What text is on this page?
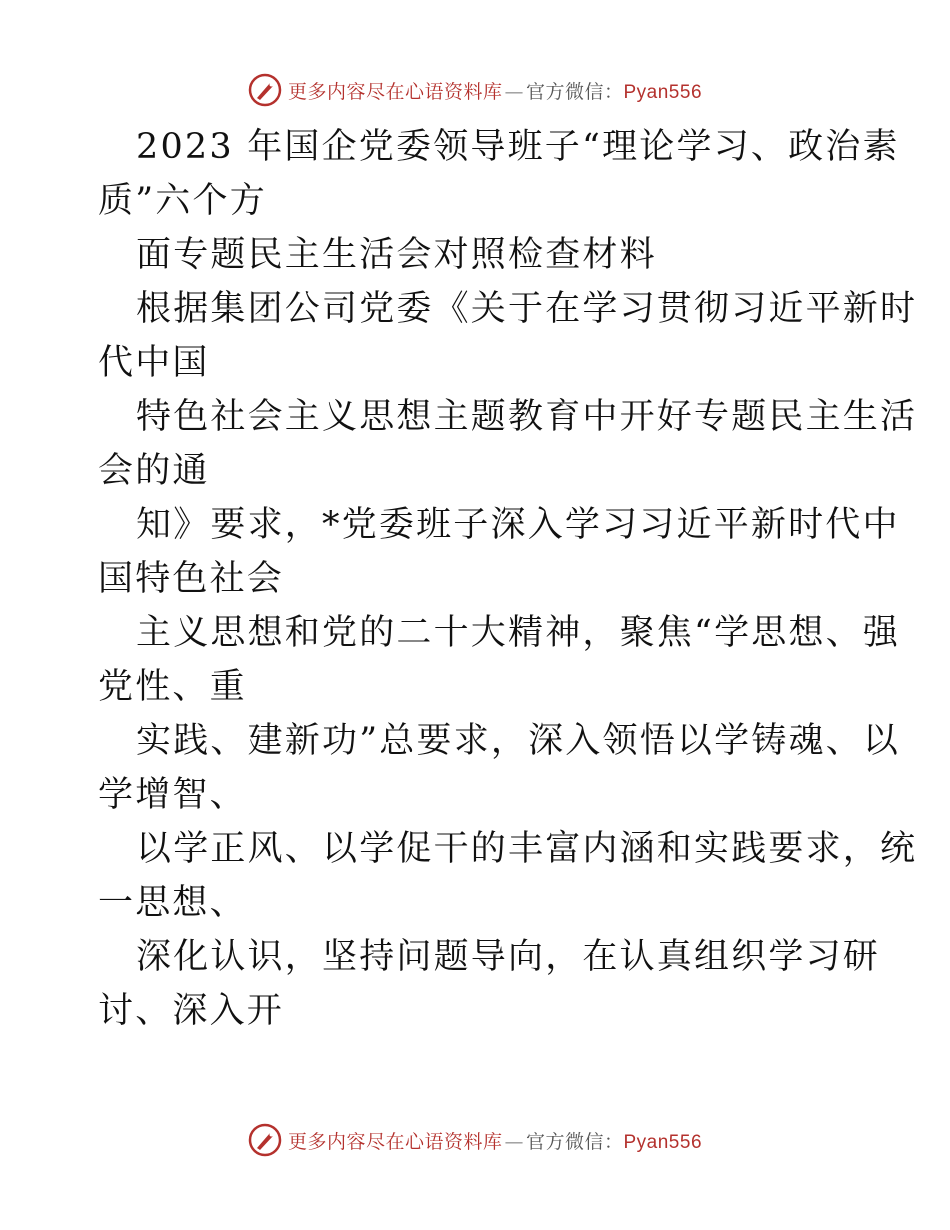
更多内容尽在心语资料库 — 官方微信：Pyan556
2023 年国企党委领导班子“理论学习、政治素
质”六个方
面专题民主生活会对照检查材料
根据集团公司党委《关于在学习贯彻习近平新时
代中国
特色社会主义思想主题教育中开好专题民主生活
会的通
知》要求，*党委班子深入学习习近平新时代中
国特色社会
主义思想和党的二十大精神，聚焦“学思想、强
党性、重
实践、建新功”总要求，深入领悟以学铸魂、以
学增智、
以学正风、以学促干的丰富内涵和实践要求，统
一思想、
深化认识，坚持问题导向，在认真组织学习研
讨、深入开
更多内容尽在心语资料库 — 官方微信：Pyan556
